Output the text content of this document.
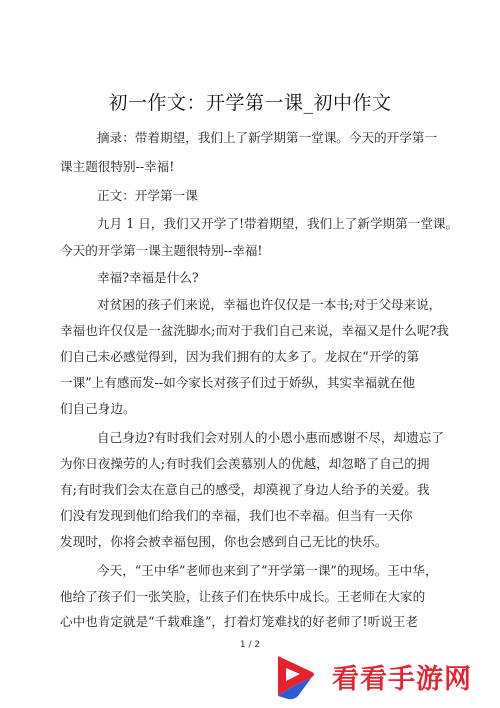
初一作文：开学第一课_初中作文
摘录：带着期望，我们上了新学期第一堂课。今天的开学第一
课主题很特别--幸福!
正文：开学第一课
九月 1 日，我们又开学了!带着期望，我们上了新学期第一堂课。
今天的开学第一课主题很特别--幸福!
幸福?幸福是什么?
对贫困的孩子们来说，幸福也许仅仅是一本书;对于父母来说，
幸福也许仅仅是一盆洗脚水;而对于我们自己来说，幸福又是什么呢?我
们自己未必感觉得到，因为我们拥有的太多了。龙叔在“开学的第
一课”上有感而发--如今家长对孩子们过于娇纵，其实幸福就在他
们自己身边。
自己身边?有时我们会对别人的小恩小惠而感谢不尽，却遗忘了
为你日夜操劳的人;有时我们会羡慕别人的优越，却忽略了自己的拥
有;有时我们会太在意自己的感受，却漠视了身边人给予的关爱。我
们没有发现到他们给我们的幸福，我们也不幸福。但当有一天你
发现时，你将会被幸福包围，你也会感到自己无比的快乐。
今天，“王中华”老师也来到了“开学第一课”的现场。王中华，
他给了孩子们一张笑脸，让孩子们在快乐中成长。王老师在大家的
心中也肯定就是“千载难逢”，打着灯笼难找的好老师了!听说王老
1 / 2
看看手游网
